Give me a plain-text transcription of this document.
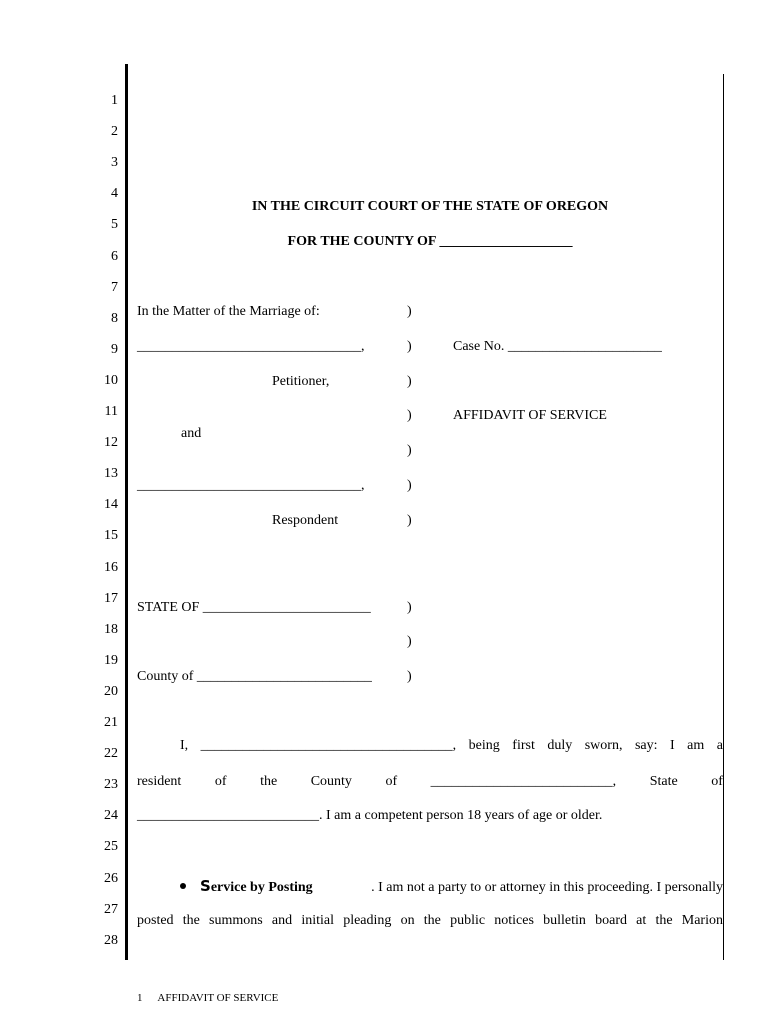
1
2
3
4
5
6
7
8
9
10
11
12
13
14
15
16
17
18
19
20
21
22
23
24
25
26
27
28
IN THE CIRCUIT COURT OF THE STATE OF OREGON
FOR THE COUNTY OF ___________________
In the Matter of the Marriage of:
________________________________,
Petitioner,
and
________________________________,
Respondent
)
)
)
)
)
)
)
Case No. ______________________
AFFIDAVIT OF SERVICE
STATE OF ________________________
County of _________________________
)
)
)
I, ____________________________________, being first duly sworn, say: I am a
resident of the County of __________________________, State of
__________________________. I am a competent person 18 years of age or older.
Service by Posting	. I am not a party to or attorney in this proceeding. I personally
posted the summons and initial pleading on the public notices bulletin board at the Marion
1 AFFIDAVIT OF SERVICE
